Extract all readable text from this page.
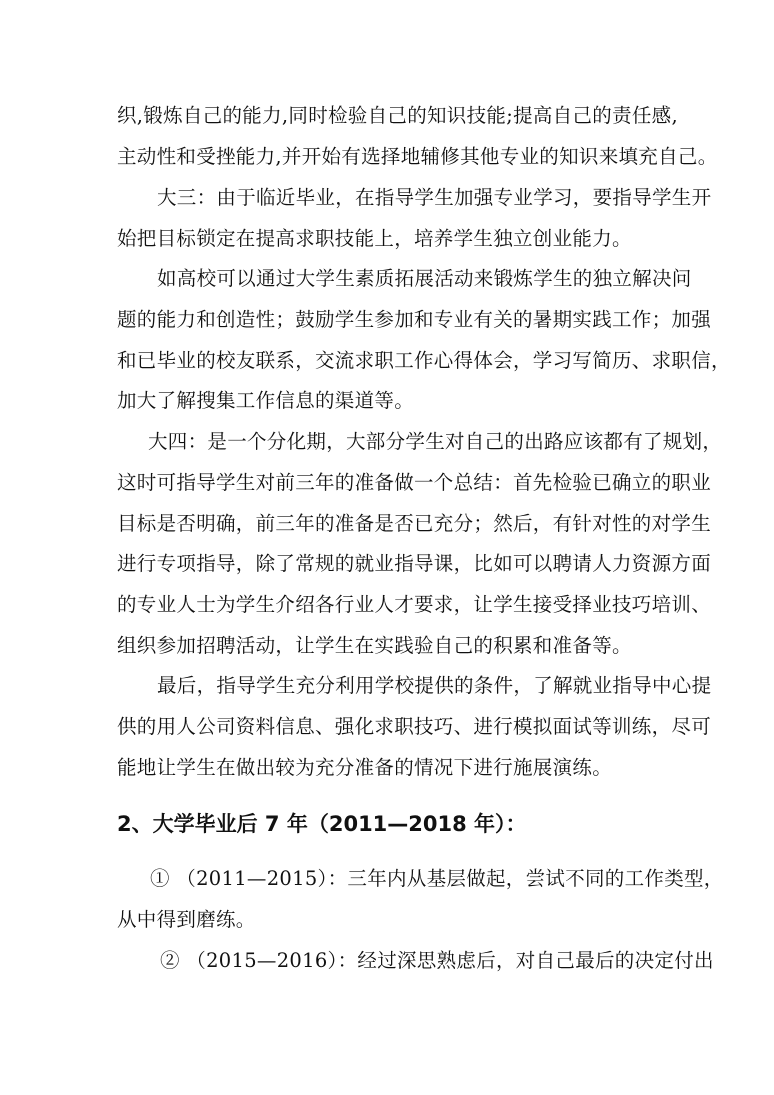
织,锻炼自己的能力,同时检验自己的知识技能;提高自己的责任感,
主动性和受挫能力,并开始有选择地辅修其他专业的知识来填充自己。
大三：由于临近毕业，在指导学生加强专业学习，要指导学生开
始把目标锁定在提高求职技能上，培养学生独立创业能力。
如高校可以通过大学生素质拓展活动来锻炼学生的独立解决问
题的能力和创造性；鼓励学生参加和专业有关的暑期实践工作；加强
和已毕业的校友联系，交流求职工作心得体会，学习写简历、求职信，
加大了解搜集工作信息的渠道等。
大四：是一个分化期，大部分学生对自己的出路应该都有了规划，
这时可指导学生对前三年的准备做一个总结：首先检验已确立的职业
目标是否明确，前三年的准备是否已充分；然后，有针对性的对学生
进行专项指导，除了常规的就业指导课，比如可以聘请人力资源方面
的专业人士为学生介绍各行业人才要求，让学生接受择业技巧培训、
组织参加招聘活动，让学生在实践验自己的积累和准备等。
最后，指导学生充分利用学校提供的条件，了解就业指导中心提
供的用人公司资料信息、强化求职技巧、进行模拟面试等训练，尽可
能地让学生在做出较为充分准备的情况下进行施展演练。
2、大学毕业后 7 年（2011—2018 年）：
① （2011—2015）：三年内从基层做起，尝试不同的工作类型，
从中得到磨练。
② （2015—2016）：经过深思熟虑后，对自己最后的决定付出
